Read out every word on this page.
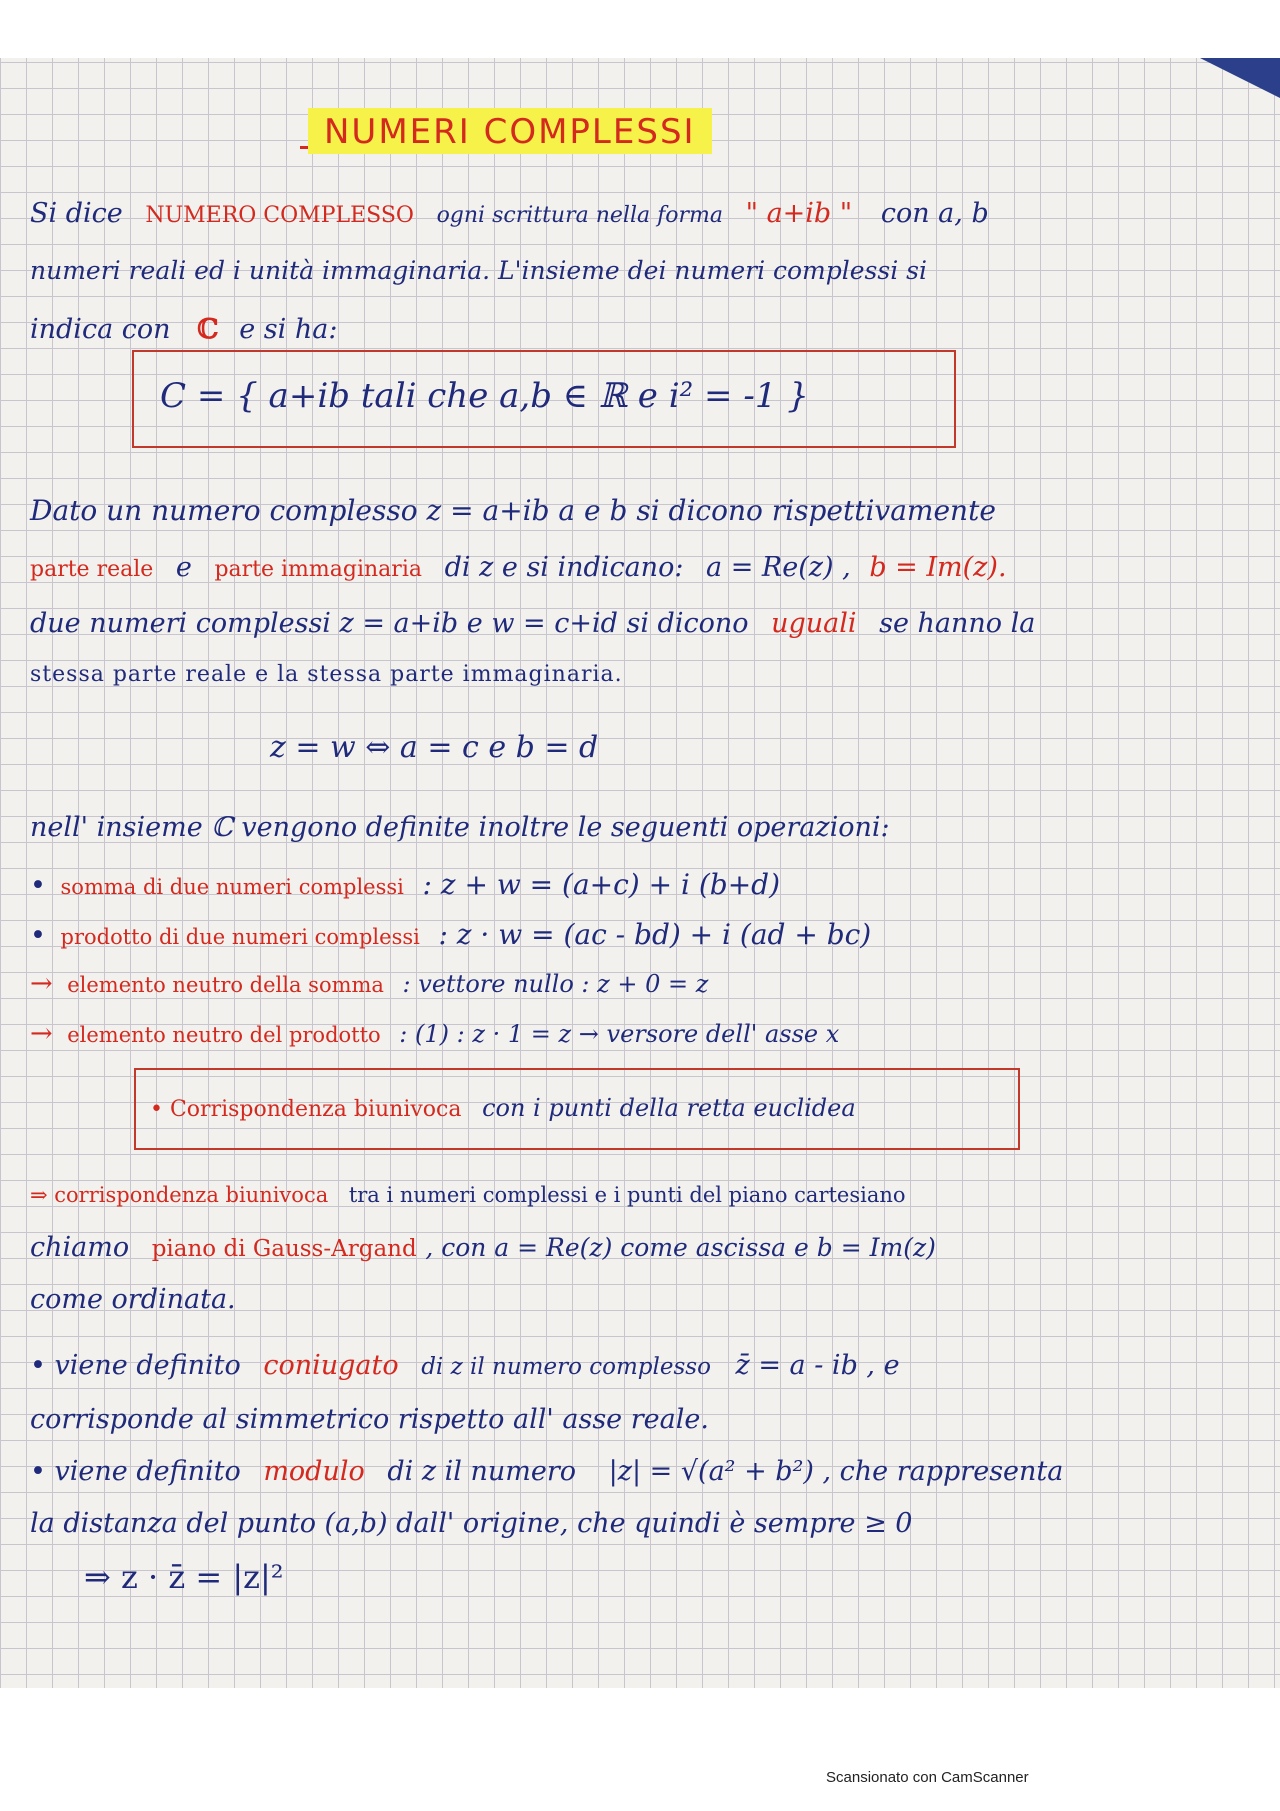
NUMERI COMPLESSI
Si dice NUMERO COMPLESSO ogni scrittura nella forma " a+ib " con a, b
numeri reali ed i unità immaginaria. L'insieme dei numeri complessi si
indica con ℂ e si ha:
C = { a+ib tali che a,b ∈ ℝ e i² = -1 }
Dato un numero complesso z = a+ib a e b si dicono rispettivamente
parte reale e parte immaginaria di z e si indicano: a = Re(z) , b = Im(z).
due numeri complessi z = a+ib e w = c+id si dicono uguali se hanno la
stessa parte reale e la stessa parte immaginaria.
z = w ⇔ a = c e b = d
nell' insieme ℂ vengono definite inoltre le seguenti operazioni:
• somma di due numeri complessi : z + w = (a+c) + i (b+d)
• prodotto di due numeri complessi : z · w = (ac - bd) + i (ad + bc)
→ elemento neutro della somma : vettore nullo : z + 0 = z
→ elemento neutro del prodotto : (1) : z · 1 = z → versore dell' asse x
• Corrispondenza biunivoca con i punti della retta euclidea
⇒ corrispondenza biunivoca tra i numeri complessi e i punti del piano cartesiano
chiamo piano di Gauss-Argand , con a = Re(z) come ascissa e b = Im(z)
come ordinata.
• viene definito coniugato di z il numero complesso z̄ = a - ib , e
corrisponde al simmetrico rispetto all' asse reale.
• viene definito modulo di z il numero |z| = √(a² + b²) , che rappresenta
la distanza del punto (a,b) dall' origine, che quindi è sempre ≥ 0
⇒ z · z̄ = |z|²
Scansionato con CamScanner
